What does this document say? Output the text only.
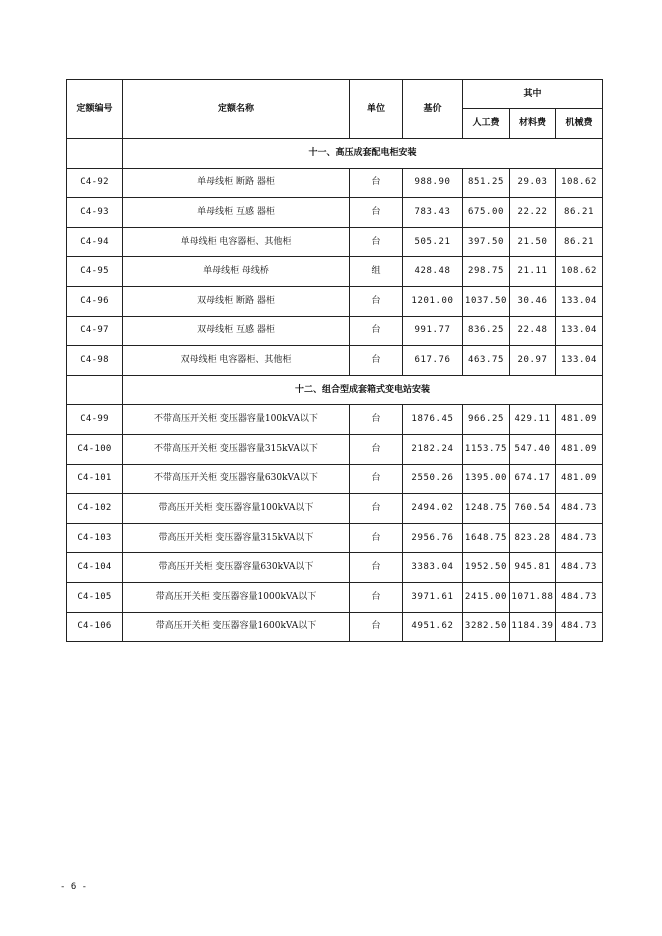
定额编号	定额名称	单位	基价	其中		
				人工费	材料费	机械费
	十一、高压成套配电柜安装					
C4-92	单母线柜 断路 器柜	台	988.90	851.25	29.03	108.62
C4-93	单母线柜 互感 器柜	台	783.43	675.00	22.22	86.21
C4-94	单母线柜 电容器柜、其他柜	台	505.21	397.50	21.50	86.21
C4-95	单母线柜 母线桥	组	428.48	298.75	21.11	108.62
C4-96	双母线柜 断路 器柜	台	1201.00	1037.50	30.46	133.04
C4-97	双母线柜 互感 器柜	台	991.77	836.25	22.48	133.04
C4-98	双母线柜 电容器柜、其他柜	台	617.76	463.75	20.97	133.04
	十二、组合型成套箱式变电站安装					
C4-99	不带高压开关柜 变压器容量100kVA以下	台	1876.45	966.25	429.11	481.09
C4-100	不带高压开关柜 变压器容量315kVA以下	台	2182.24	1153.75	547.40	481.09
C4-101	不带高压开关柜 变压器容量630kVA以下	台	2550.26	1395.00	674.17	481.09
C4-102	带高压开关柜 变压器容量100kVA以下	台	2494.02	1248.75	760.54	484.73
C4-103	带高压开关柜 变压器容量315kVA以下	台	2956.76	1648.75	823.28	484.73
C4-104	带高压开关柜 变压器容量630kVA以下	台	3383.04	1952.50	945.81	484.73
C4-105	带高压开关柜 变压器容量1000kVA以下	台	3971.61	2415.00	1071.88	484.73
C4-106	带高压开关柜 变压器容量1600kVA以下	台	4951.62	3282.50	1184.39	484.73
- 6 -
